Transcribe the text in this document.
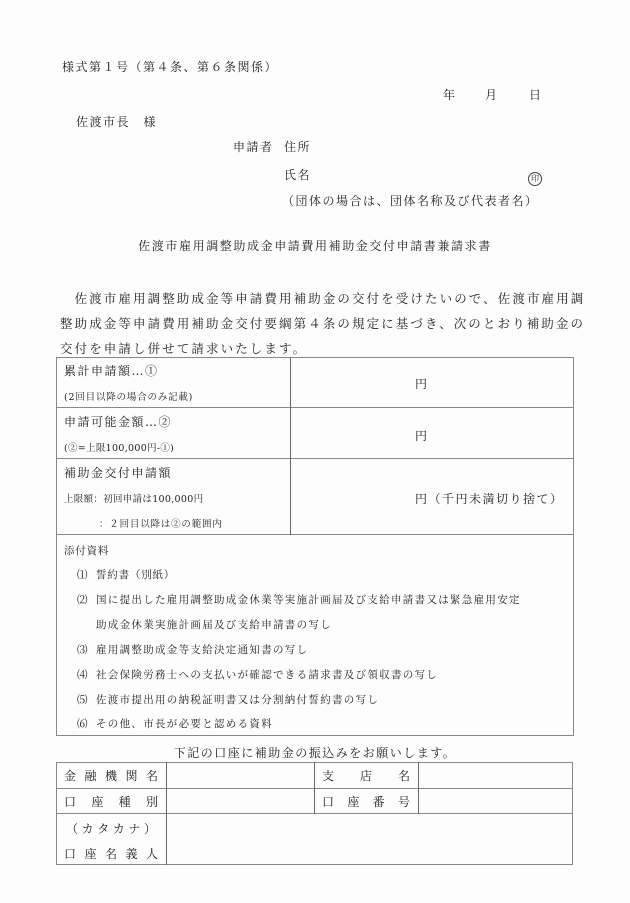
様式第１号（第４条、第６条関係）
年 月	日
佐渡市長　様
申請者 住所
氏名	印
（団体の場合は、団体名称及び代表者名）
佐渡市雇用調整助成金申請費用補助金交付申請書兼請求書
　佐渡市雇用調整助成金等申請費用補助金の交付を受けたいので、佐渡市雇用調
整助成金等申請費用補助金交付要綱第４条の規定に基づき、次のとおり補助金の
交付を申請し併せて請求いたします。
累計申請額…①
(2回目以降の場合のみ記載)
円
申請可能金額…②
(②=上限100,000円-①)
円
補助金交付申請額
上限額：初回申請は100,000円
：２回目以降は②の範囲内
円（千円未満切り捨て）
添付資料
⑴ 誓約書（別紙）
⑵ 国に提出した雇用調整助成金休業等実施計画届及び支給申請書又は緊急雇用安定
助成金休業実施計画届及び支給申請書の写し
⑶ 雇用調整助成金等支給決定通知書の写し
⑷ 社会保険労務士への支払いが確認できる請求書及び領収書の写し
⑸ 佐渡市提出用の納税証明書又は分割納付誓約書の写し
⑹ その他、市長が必要と認める資料
下記の口座に補助金の振込みをお願いします。
金 融 機 関 名	支 店 名
口 座 種 別	口 座 番 号
（ カ タ カ ナ ）
口 座 名 義 人
